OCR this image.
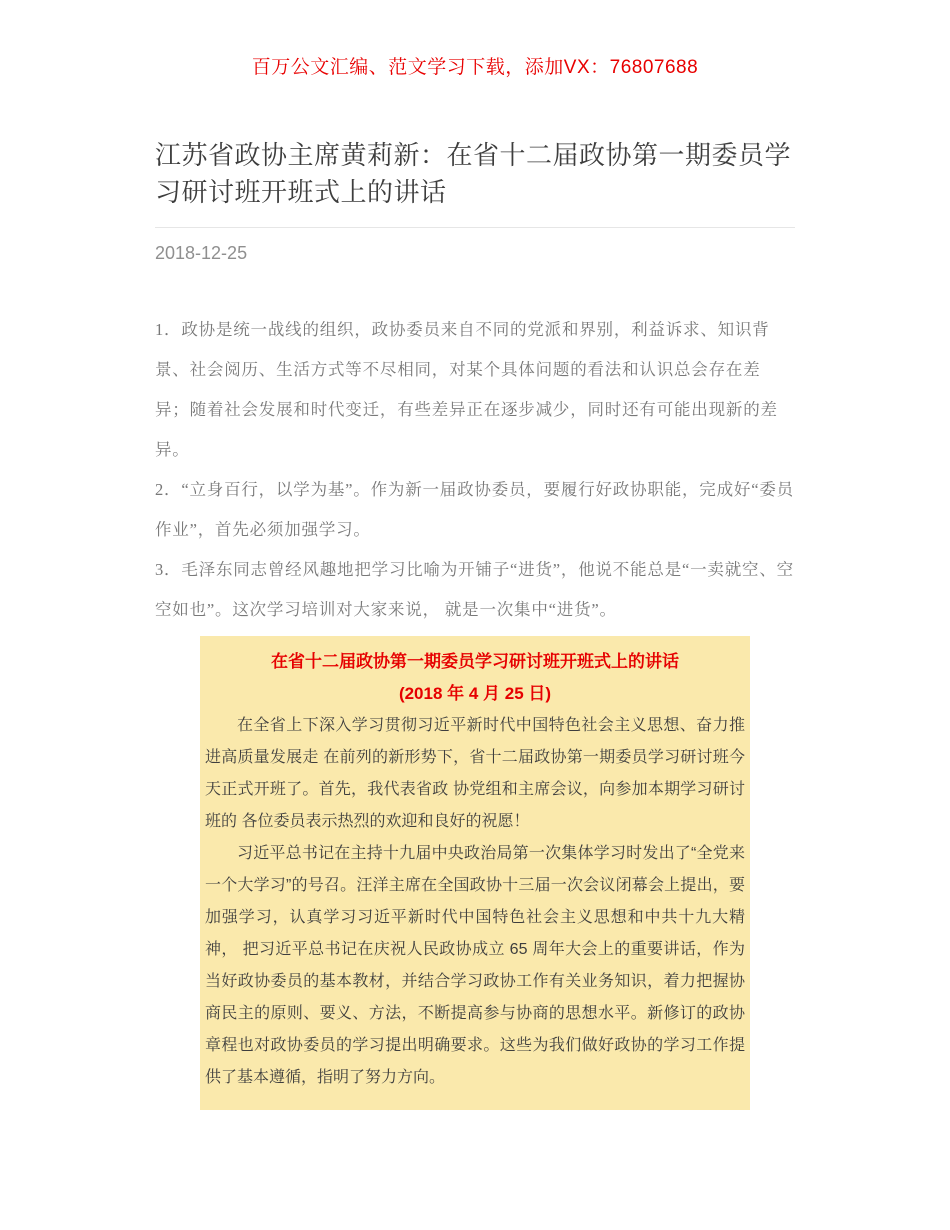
百万公文汇编、范文学习下载，添加VX：76807688
江苏省政协主席黄莉新：在省十二届政协第一期委员学习研讨班开班式上的讲话
2018-12-25

1．政协是统一战线的组织，政协委员来自不同的党派和界别，利益诉求、知识背景、社会阅历、生活方式等不尽相同，对某个具体问题的看法和认识总会存在差异；随着社会发展和时代变迁，有些差异正在逐步减少，同时还有可能出现新的差异。

2．“立身百行，以学为基”。作为新一届政协委员，要履行好政协职能，完成好“委员作业”，首先必须加强学习。

3．毛泽东同志曾经风趣地把学习比喻为开铺子“进货”，他说不能总是“一卖就空、空空如也”。这次学习培训对大家来说， 就是一次集中“进货”。

在省十二届政协第一期委员学习研讨班开班式上的讲话
(2018 年 4 月 25 日)

在全省上下深入学习贯彻习近平新时代中国特色社会主义思想、奋力推进高质量发展走 在前列的新形势下，省十二届政协第一期委员学习研讨班今天正式开班了。首先，我代表省政 协党组和主席会议，向参加本期学习研讨班的 各位委员表示热烈的欢迎和良好的祝愿！

习近平总书记在主持十九届中央政治局第一次集体学习时发出了“全党来一个大学习”的号召。汪洋主席在全国政协十三届一次会议闭幕会上提出，要加强学习，认真学习习近平新时代中国特色社会主义思想和中共十九大精神， 把习近平总书记在庆祝人民政协成立 65 周年大会上的重要讲话，作为当好政协委员的基本教材，并结合学习政协工作有关业务知识，着力把握协商民主的原则、要义、方法，不断提高参与协商的思想水平。新修订的政协章程也对政协委员的学习提出明确要求。这些为我们做好政协的学习工作提供了基本遵循，指明了努力方向。
